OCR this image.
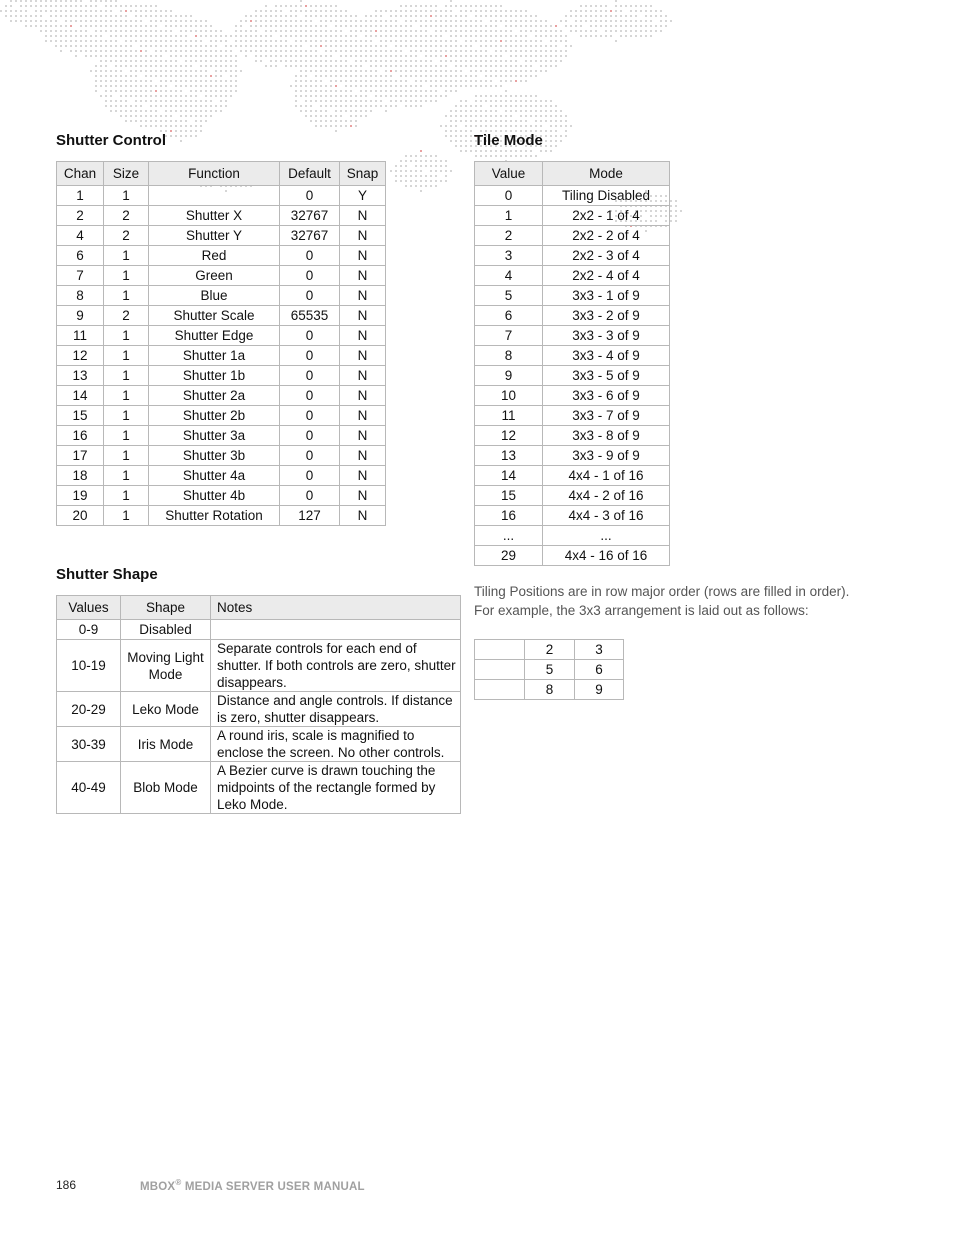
Shutter Control
Chan	Size	Function	Default	Snap
1	1		0	Y
2	2	Shutter X	32767	N
4	2	Shutter Y	32767	N
6	1	Red	0	N
7	1	Green	0	N
8	1	Blue	0	N
9	2	Shutter Scale	65535	N
11	1	Shutter Edge	0	N
12	1	Shutter 1a	0	N
13	1	Shutter 1b	0	N
14	1	Shutter 2a	0	N
15	1	Shutter 2b	0	N
16	1	Shutter 3a	0	N
17	1	Shutter 3b	0	N
18	1	Shutter 4a	0	N
19	1	Shutter 4b	0	N
20	1	Shutter Rotation	127	N
Shutter Shape
Values	Shape	Notes
0-9	Disabled	
10-19	Moving Light Mode	Separate controls for each end of shutter. If both controls are zero, shutter disappears.
20-29	Leko Mode	Distance and angle controls. If distance is zero, shutter disappears.
30-39	Iris Mode	A round iris, scale is magnified to enclose the screen. No other controls.
40-49	Blob Mode	A Bezier curve is drawn touching the midpoints of the rectangle formed by Leko Mode.
Tile Mode
Value	Mode
0	Tiling Disabled
1	2x2 - 1 of 4
2	2x2 - 2 of 4
3	2x2 - 3 of 4
4	2x2 - 4 of 4
5	3x3 - 1 of 9
6	3x3 - 2 of 9
7	3x3 - 3 of 9
8	3x3 - 4 of 9
9	3x3 - 5 of 9
10	3x3 - 6 of 9
11	3x3 - 7 of 9
12	3x3 - 8 of 9
13	3x3 - 9 of 9
14	4x4 - 1 of 16
15	4x4 - 2 of 16
16	4x4 - 3 of 16
...	...
29	4x4 - 16 of 16
Tiling Positions are in row major order (rows are filled in order).
For example, the 3x3 arrangement is laid out as follows:
	2	3
	5	6
	8	9
186	MBOX® MEDIA SERVER USER MANUAL
